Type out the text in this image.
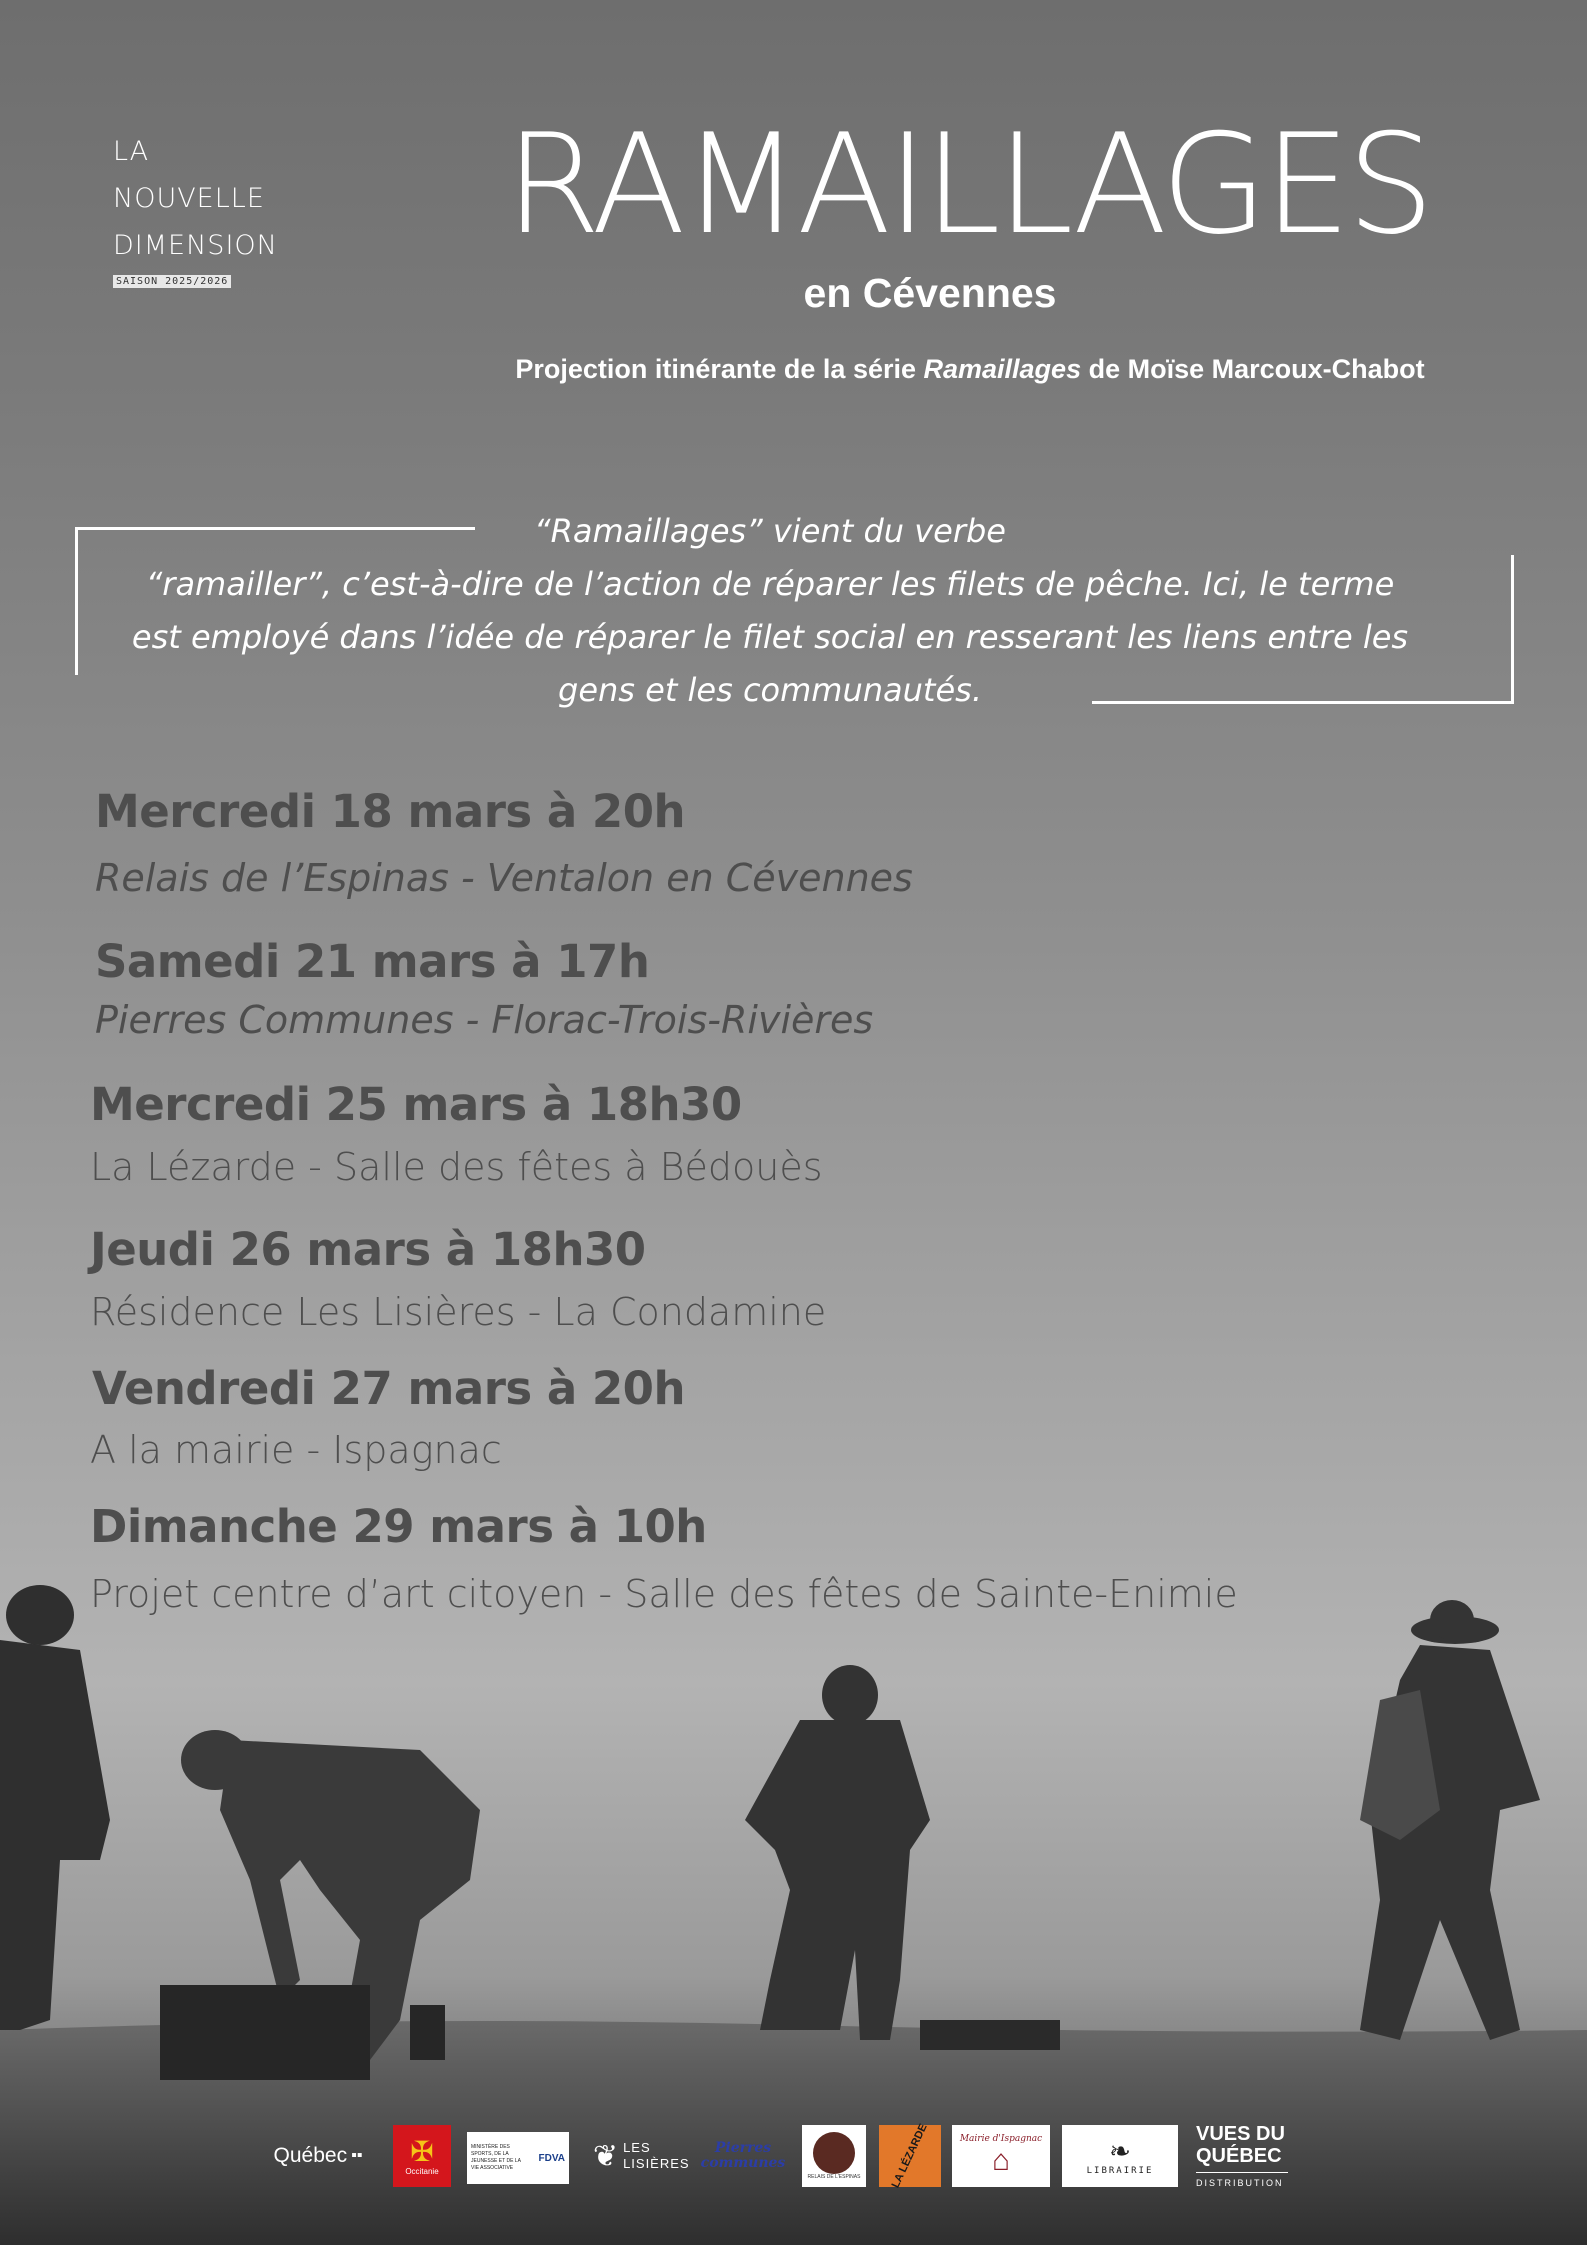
LA
NOUVELLE
DIMENSION
SAISON 2025/2026
RAMAILLAGES
en Cévennes
Projection itinérante de la série Ramaillages de Moïse Marcoux-Chabot
“Ramaillages” vient du verbe
“ramailler”, c’est-à-dire de l’action de réparer les filets de pêche. Ici, le terme
est employé dans l’idée de réparer le filet social en resserant les liens entre les
gens et les communautés.
Mercredi 18 mars à 20h
Relais de l’Espinas - Ventalon en Cévennes
Samedi 21 mars à 17h
Pierres Communes - Florac-Trois-Rivières
Mercredi 25 mars à 18h30
La Lézarde - Salle des fêtes à Bédouès
Jeudi 26 mars à 18h30
Résidence Les Lisières - La Condamine
Vendredi 27 mars à 20h
A la mairie - Ispagnac
Dimanche 29 mars à 10h
Projet centre d’art citoyen - Salle des fêtes de Sainte-Enimie
Québec ▪▪ ✠
Occitanie
MINISTÈRE DES SPORTS, DE LA JEUNESSE ET DE LA VIE ASSOCIATIVE
FDVA ❦ LES LISIÈRES
Pierres communes
RELAIS DE L'ESPINAS	LA LÉZARDE	Mairie d'Ispagnac
⌂	❧
LIBRAIRIE
VUES DU
QUÉBEC
DISTRIBUTION
